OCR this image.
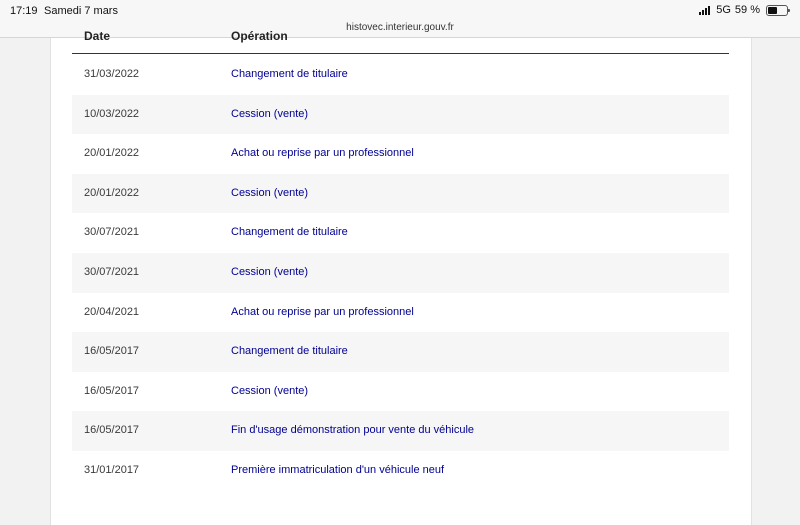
17:19 Samedi 7 mars	5G 59 %
histovec.interieur.gouv.fr
Date	Opération
31/03/2022	Changement de titulaire
10/03/2022	Cession (vente)
20/01/2022	Achat ou reprise par un professionnel
20/01/2022	Cession (vente)
30/07/2021	Changement de titulaire
30/07/2021	Cession (vente)
20/04/2021	Achat ou reprise par un professionnel
16/05/2017	Changement de titulaire
16/05/2017	Cession (vente)
16/05/2017	Fin d'usage démonstration pour vente du véhicule
31/01/2017	Première immatriculation d'un véhicule neuf
